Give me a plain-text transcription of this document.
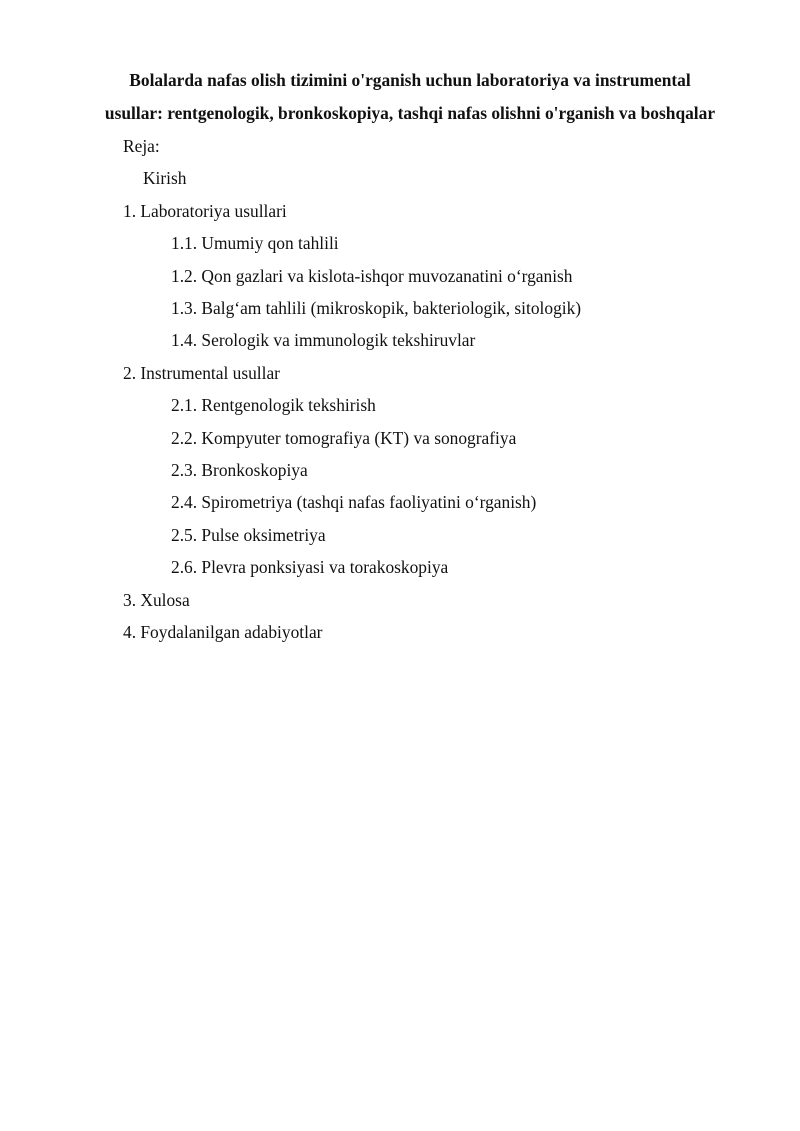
Bolalarda nafas olish tizimini o'rganish uchun laboratoriya va instrumental
usullar: rentgenologik, bronkoskopiya, tashqi nafas olishni o'rganish va boshqalar
Reja:
Kirish
1. Laboratoriya usullari
1.1. Umumiy qon tahlili
1.2. Qon gazlari va kislota-ishqor muvozanatini oʻrganish
1.3. Balgʻam tahlili (mikroskopik, bakteriologik, sitologik)
1.4. Serologik va immunologik tekshiruvlar
2. Instrumental usullar
2.1. Rentgenologik tekshirish
2.2. Kompyuter tomografiya (KT) va sonografiya
2.3. Bronkoskopiya
2.4. Spirometriya (tashqi nafas faoliyatini oʻrganish)
2.5. Pulse oksimetriya
2.6. Plevra ponksiyasi va torakoskopiya
3. Xulosa
4. Foydalanilgan adabiyotlar
